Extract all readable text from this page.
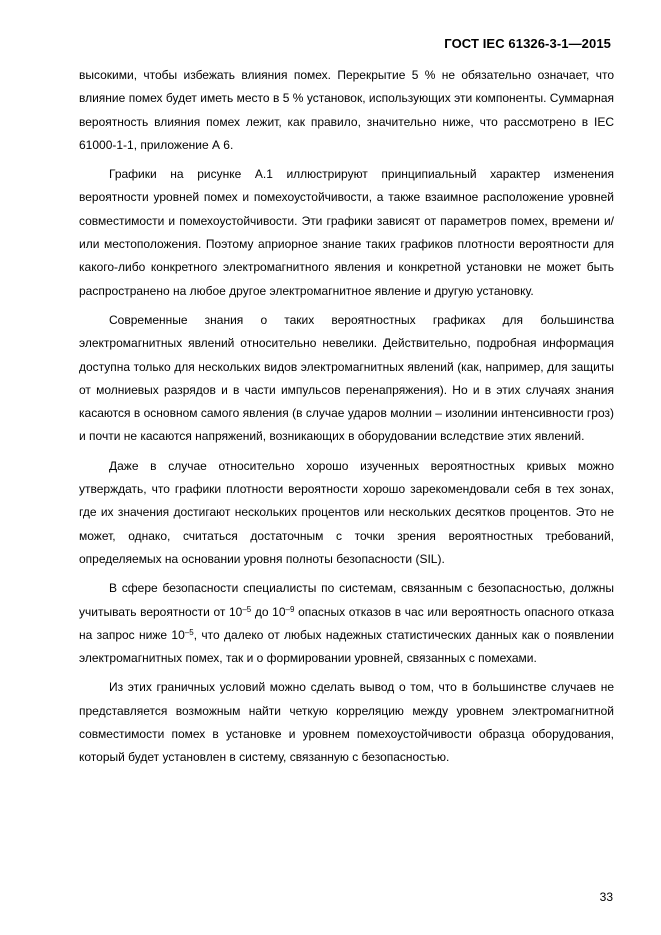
ГОСТ IEC 61326-3-1—2015

высокими, чтобы избежать влияния помех. Перекрытие 5 % не обязательно означает, что влияние помех будет иметь место в 5 % установок, использующих эти компоненты. Суммарная вероятность влияния помех лежит, как правило, значительно ниже, что рассмотрено в IEC 61000-1-1, приложение А 6.

Графики на рисунке А.1 иллюстрируют принципиальный характер изменения вероятности уровней помех и помехоустойчивости, а также взаимное расположение уровней совместимости и помехоустойчивости. Эти графики зависят от параметров помех, времени и/или местоположения. Поэтому априорное знание таких графиков плотности вероятности для какого-либо конкретного электромагнитного явления и конкретной установки не может быть распространено на любое другое электромагнитное явление и другую установку.

Современные знания о таких вероятностных графиках для большинства электромагнитных явлений относительно невелики. Действительно, подробная информация доступна только для нескольких видов электромагнитных явлений (как, например, для защиты от молниевых разрядов и в части импульсов перенапряжения). Но и в этих случаях знания касаются в основном самого явления (в случае ударов молнии – изолинии интенсивности гроз) и почти не касаются напряжений, возникающих в оборудовании вследствие этих явлений.

Даже в случае относительно хорошо изученных вероятностных кривых можно утверждать, что графики плотности вероятности хорошо зарекомендовали себя в тех зонах, где их значения достигают нескольких процентов или нескольких десятков процентов. Это не может, однако, считаться достаточным с точки зрения вероятностных требований, определяемых на основании уровня полноты безопасности (SIL).

В сфере безопасности специалисты по системам, связанным с безопасностью, должны учитывать вероятности от $10^{-5}$ до $10^{-9}$ опасных отказов в час или вероятность опасного отказа на запрос ниже $10^{-5}$, что далеко от любых надежных статистических данных как о появлении электромагнитных помех, так и о формировании уровней, связанных с помехами.

Из этих граничных условий можно сделать вывод о том, что в большинстве случаев не представляется возможным найти четкую корреляцию между уровнем электромагнитной совместимости помех в установке и уровнем помехоустойчивости образца оборудования, который будет установлен в систему, связанную с безопасностью.

33
